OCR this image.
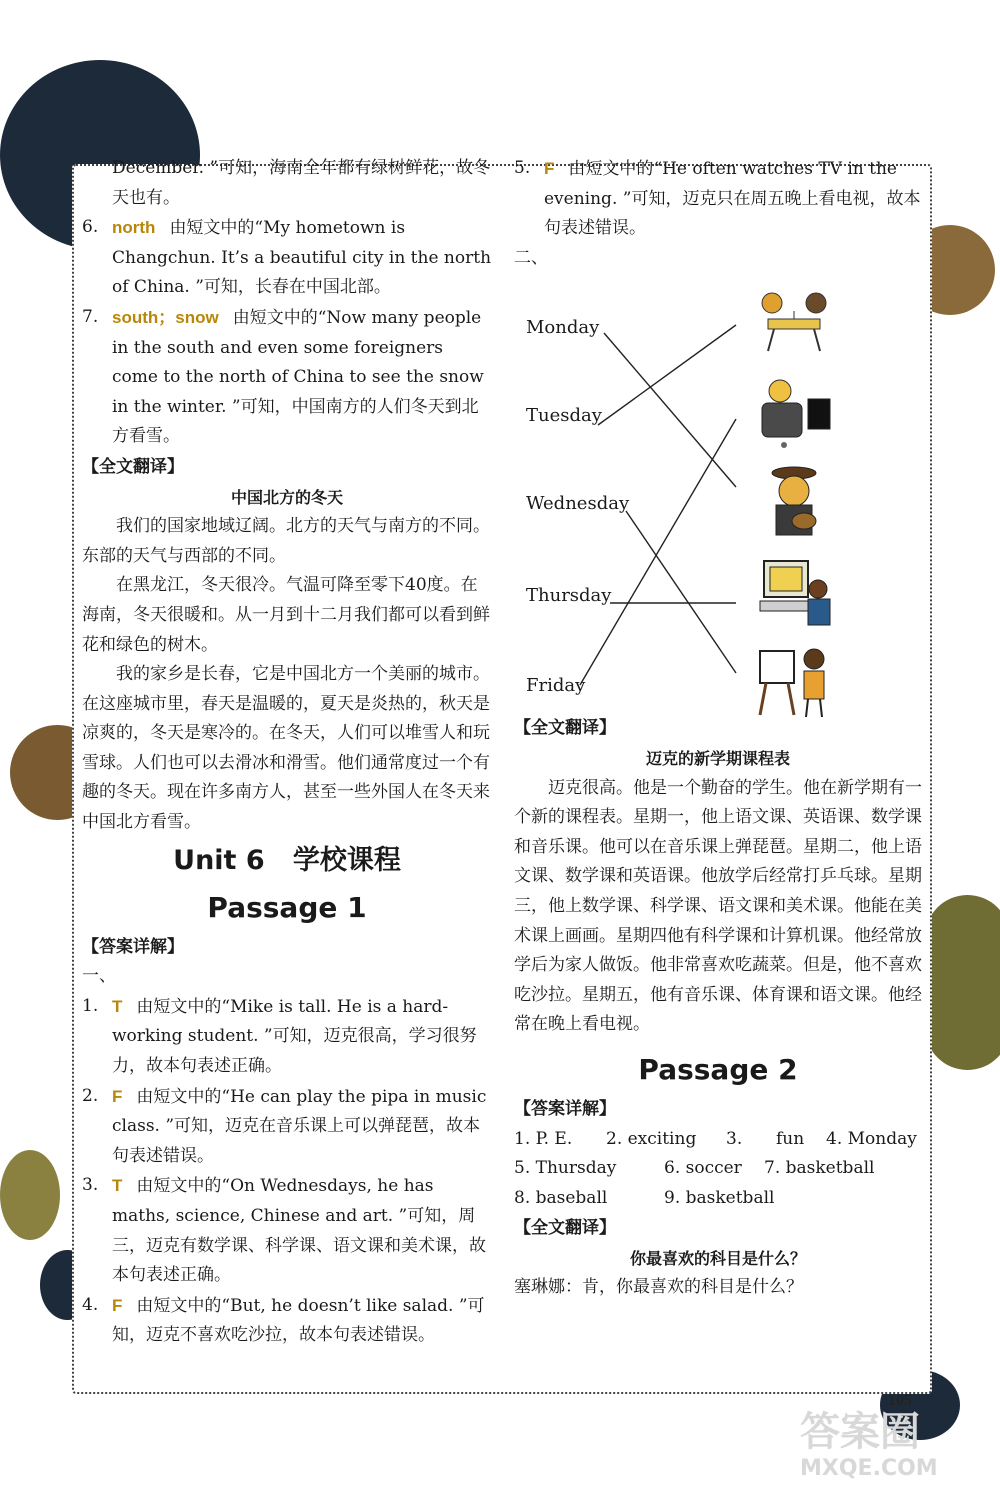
December. ”可知，海南全年都有绿树鲜花，故冬天也有。
6. north 由短文中的“My hometown is Changchun. It’s a beautiful city in the north of China. ”可知，长春在中国北部。
7. south；snow 由短文中的“Now many people in the south and even some foreigners come to the north of China to see the snow in the winter. ”可知，中国南方的人们冬天到北方看雪。
【全文翻译】
中国北方的冬天
我们的国家地域辽阔。北方的天气与南方的不同。东部的天气与西部的不同。
在黑龙江，冬天很冷。气温可降至零下40度。在海南，冬天很暖和。从一月到十二月我们都可以看到鲜花和绿色的树木。
我的家乡是长春，它是中国北方一个美丽的城市。在这座城市里，春天是温暖的，夏天是炎热的，秋天是凉爽的，冬天是寒冷的。在冬天，人们可以堆雪人和玩雪球。人们也可以去滑冰和滑雪。他们通常度过一个有趣的冬天。现在许多南方人，甚至一些外国人在冬天来中国北方看雪。
Unit 6   学校课程
Passage 1
【答案详解】
一、
1. T 由短文中的“Mike is tall. He is a hard-working student. ”可知，迈克很高，学习很努力，故本句表述正确。
2. F 由短文中的“He can play the pipa in music class. ”可知，迈克在音乐课上可以弹琵琶，故本句表述错误。
3. T 由短文中的“On Wednesdays, he has maths, science, Chinese and art. ”可知，周三，迈克有数学课、科学课、语文课和美术课，故本句表述正确。
4. F 由短文中的“But, he doesn’t like salad. ”可知，迈克不喜欢吃沙拉，故本句表述错误。
5. F 由短文中的“He often watches TV in the evening. ”可知，迈克只在周五晚上看电视，故本句表述错误。
二、
Monday
Tuesday
Wednesday
Thursday
Friday
【全文翻译】
迈克的新学期课程表
迈克很高。他是一个勤奋的学生。他在新学期有一个新的课程表。星期一，他上语文课、英语课、数学课和音乐课。他可以在音乐课上弹琵琶。星期二，他上语文课、数学课和英语课。他放学后经常打乒乓球。星期三，他上数学课、科学课、语文课和美术课。他能在美术课上画画。星期四他有科学课和计算机课。他经常放学后为家人做饭。他非常喜欢吃蔬菜。但是，他不喜欢吃沙拉。星期五，他有音乐课、体育课和语文课。他经常在晚上看电视。
Passage 2
【答案详解】
1. P. E.	2. exciting	3.	fun	4. Monday
5. Thursday	6. soccer	7. basketball
8. baseball	9. basketball
【全文翻译】
你最喜欢的科目是什么？
塞琳娜：肯，你最喜欢的科目是什么？
105
答案圈
MXQE.COM
